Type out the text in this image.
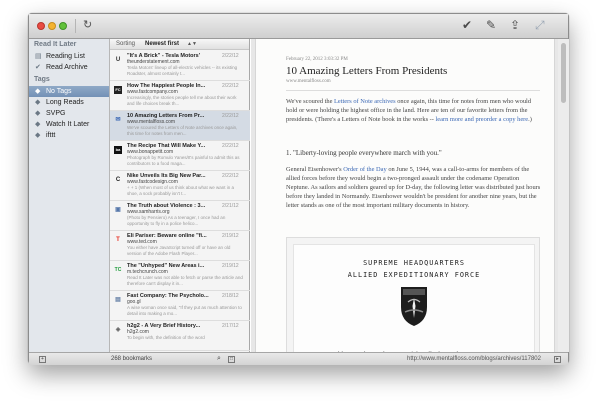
↻	✔ ✎ ⇪ ⤢
Read It Later
▤ Reading List
✔ Read Archive
Tags
◆ No Tags
◆ Long Reads
◆ SVPG
◆ Watch It Later
◆ ifttt
Sorting Newest first ▲▼
U
"It's A Brick" - Tesla Motors'	2/22/12
theunderstatement.com
Tesla Motors' lineup of all-electric vehicles -- its existing Roadster, almost certainly t...
FC
How The Happiest People In...	2/22/12
www.fastcompany.com
Increasingly, the stories people tell me about their work and life choices break th...
✉
10 Amazing Letters From Pr...	2/22/12
www.mentalfloss.com
We've scoured the Letters of Note archives once again, this time for notes from men...
ba
The Recipe That Will Make Y...	2/22/12
www.bonappetit.com
Photograph by Romulo Yanes/It's painful to admit this as contributors to a food maga...
C
Nike Unveils Its Big New Par...	2/22/12
www.fastcodesign.com
+ + 1 (When most of us think about what we want in a shoe, a sock probably isn't t...
▣
The Truth about Violence : 3...	2/21/12
www.samharris.org
(Photo by Pensiero) As a teenager, I once had an opportunity to fly in a police helico...
T
Eli Pariser: Beware online "fi...	2/19/12
www.ted.com
You either have JavaScript turned off or have an old version of the Adobe Flash Player...
TC
The "Unhyped" New Areas i...	2/19/12
m.techcrunch.com
Read It Later was not able to fetch or parse the article and therefore can't display it in...
▤
Fast Company: The Psycholo...	2/18/12
goo.gl
A wise woman once said, "If they put as much attention to detail into making a mo...
◈
h2g2 - A Very Brief History...	2/17/12
h2g2.com
To begin with, the definition of the word
February 22, 2012 3:03:32 PM
10 Amazing Letters From Presidents
www.mentalfloss.com
We've scoured the Letters of Note archives once again, this time for notes from men who would hold or were holding the highest office in the land. Here are ten of our favorite letters from the presidents. (There's a Letters of Note book in the works -- learn more and preorder a copy here.)
1. "Liberty-loving people everywhere march with you."
General Eisenhower's Order of the Day on June 5, 1944, was a call-to-arms for members of the allied forces before they would begin a two-pronged assault under the codename Operation Neptune. As sailors and soldiers geared up for D-day, the following letter was distributed just hours before they landed in Normandy. Eisenhower wouldn't be president for another nine years, but the letter stands as one of the most important military documents in history.
SUPREME HEADQUARTERS
ALLIED EXPEDITIONARY FORCE
+	268 bookmarks	⌕	□	http://www.mentalfloss.com/blogs/archives/117802	▸
